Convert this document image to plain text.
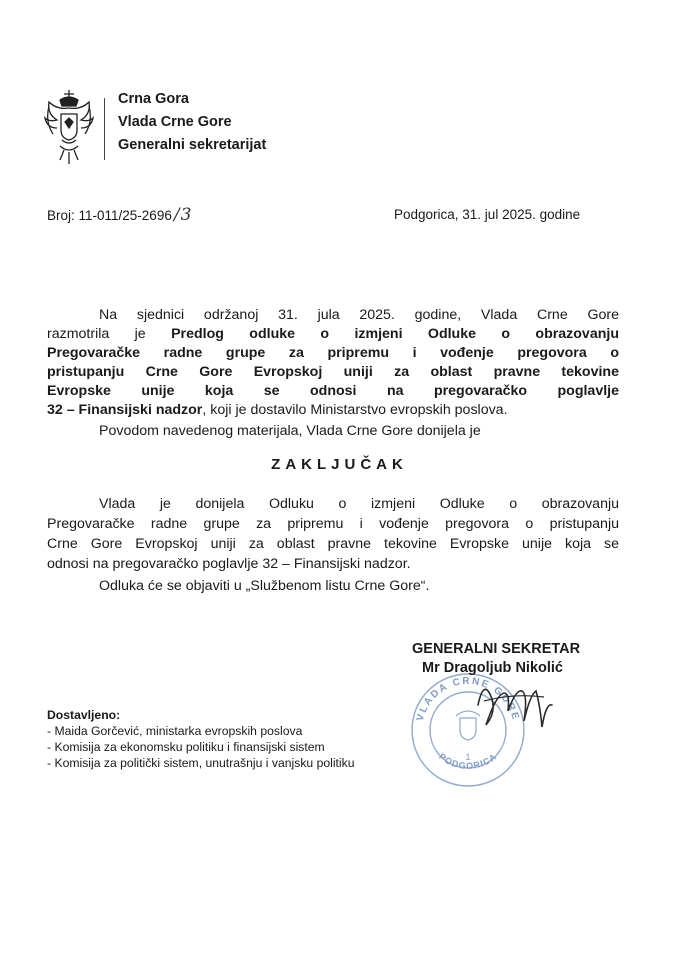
Crna Gora
Vlada Crne Gore
Generalni sekretarijat
Broj: 11-011/25-2696 /3	Podgorica, 31. jul 2025. godine
Na sjednici održanoj 31. jula 2025. godine, Vlada Crne Gore
razmotrila je Predlog odluke o izmjeni Odluke o obrazovanju
Pregovaračke radne grupe za pripremu i vođenje pregovora o
pristupanju Crne Gore Evropskoj uniji za oblast pravne tekovine
Evropske unije koja se odnosi na pregovaračko poglavlje
32 – Finansijski nadzor, koji je dostavilo Ministarstvo evropskih poslova.
Povodom navedenog materijala, Vlada Crne Gore donijela je
ZAKLJUČAK
Vlada je donijela Odluku o izmjeni Odluke o obrazovanju
Pregovaračke radne grupe za pripremu i vođenje pregovora o pristupanju
Crne Gore Evropskoj uniji za oblast pravne tekovine Evropske unije koja se
odnosi na pregovaračko poglavlje 32 – Finansijski nadzor.
Odluka će se objaviti u „Službenom listu Crne Gore“.
VLADA CRNE GORE
PODGORICA
1
GENERALNI SEKRETAR
Mr Dragoljub Nikolić
Dostavljeno:
- Maida Gorčević, ministarka evropskih poslova
- Komisija za ekonomsku politiku i finansijski sistem
- Komisija za politički sistem, unutrašnju i vanjsku politiku
